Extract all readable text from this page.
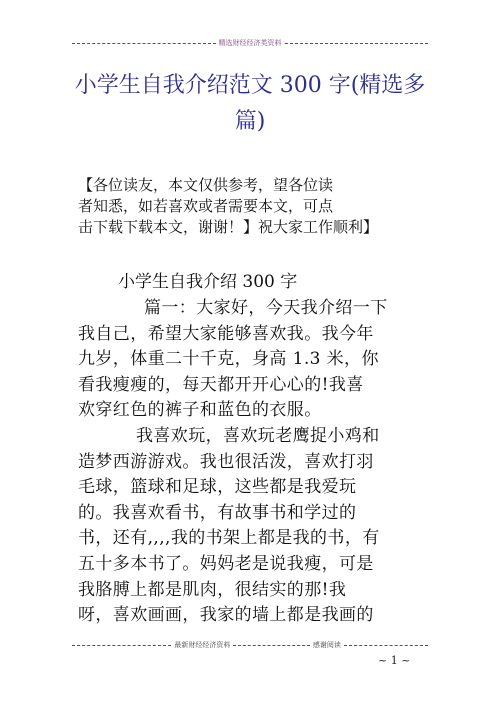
精选财经经济类资料
小学生自我介绍范文 300 字(精选多
篇)
【各位读友，本文仅供参考，望各位读
者知悉，如若喜欢或者需要本文，可点
击下载下载本文，谢谢！】祝大家工作顺利】
小学生自我介绍 300 字
篇一：大家好，今天我介绍一下
我自己，希望大家能够喜欢我。我今年
九岁，体重二十千克，身高 1.3 米，你
看我瘦瘦的，每天都开开心心的!我喜
欢穿红色的裤子和蓝色的衣服。
我喜欢玩，喜欢玩老鹰捉小鸡和
造梦西游游戏。我也很活泼，喜欢打羽
毛球，篮球和足球，这些都是我爱玩
的。我喜欢看书，有故事书和学过的
书，还有,,,,我的书架上都是我的书，有
五十多本书了。妈妈老是说我瘦，可是
我胳膊上都是肌肉，很结实的那!我
呀，喜欢画画，我家的墙上都是我画的
最新财经经济资料	感谢阅读
~ 1 ~
